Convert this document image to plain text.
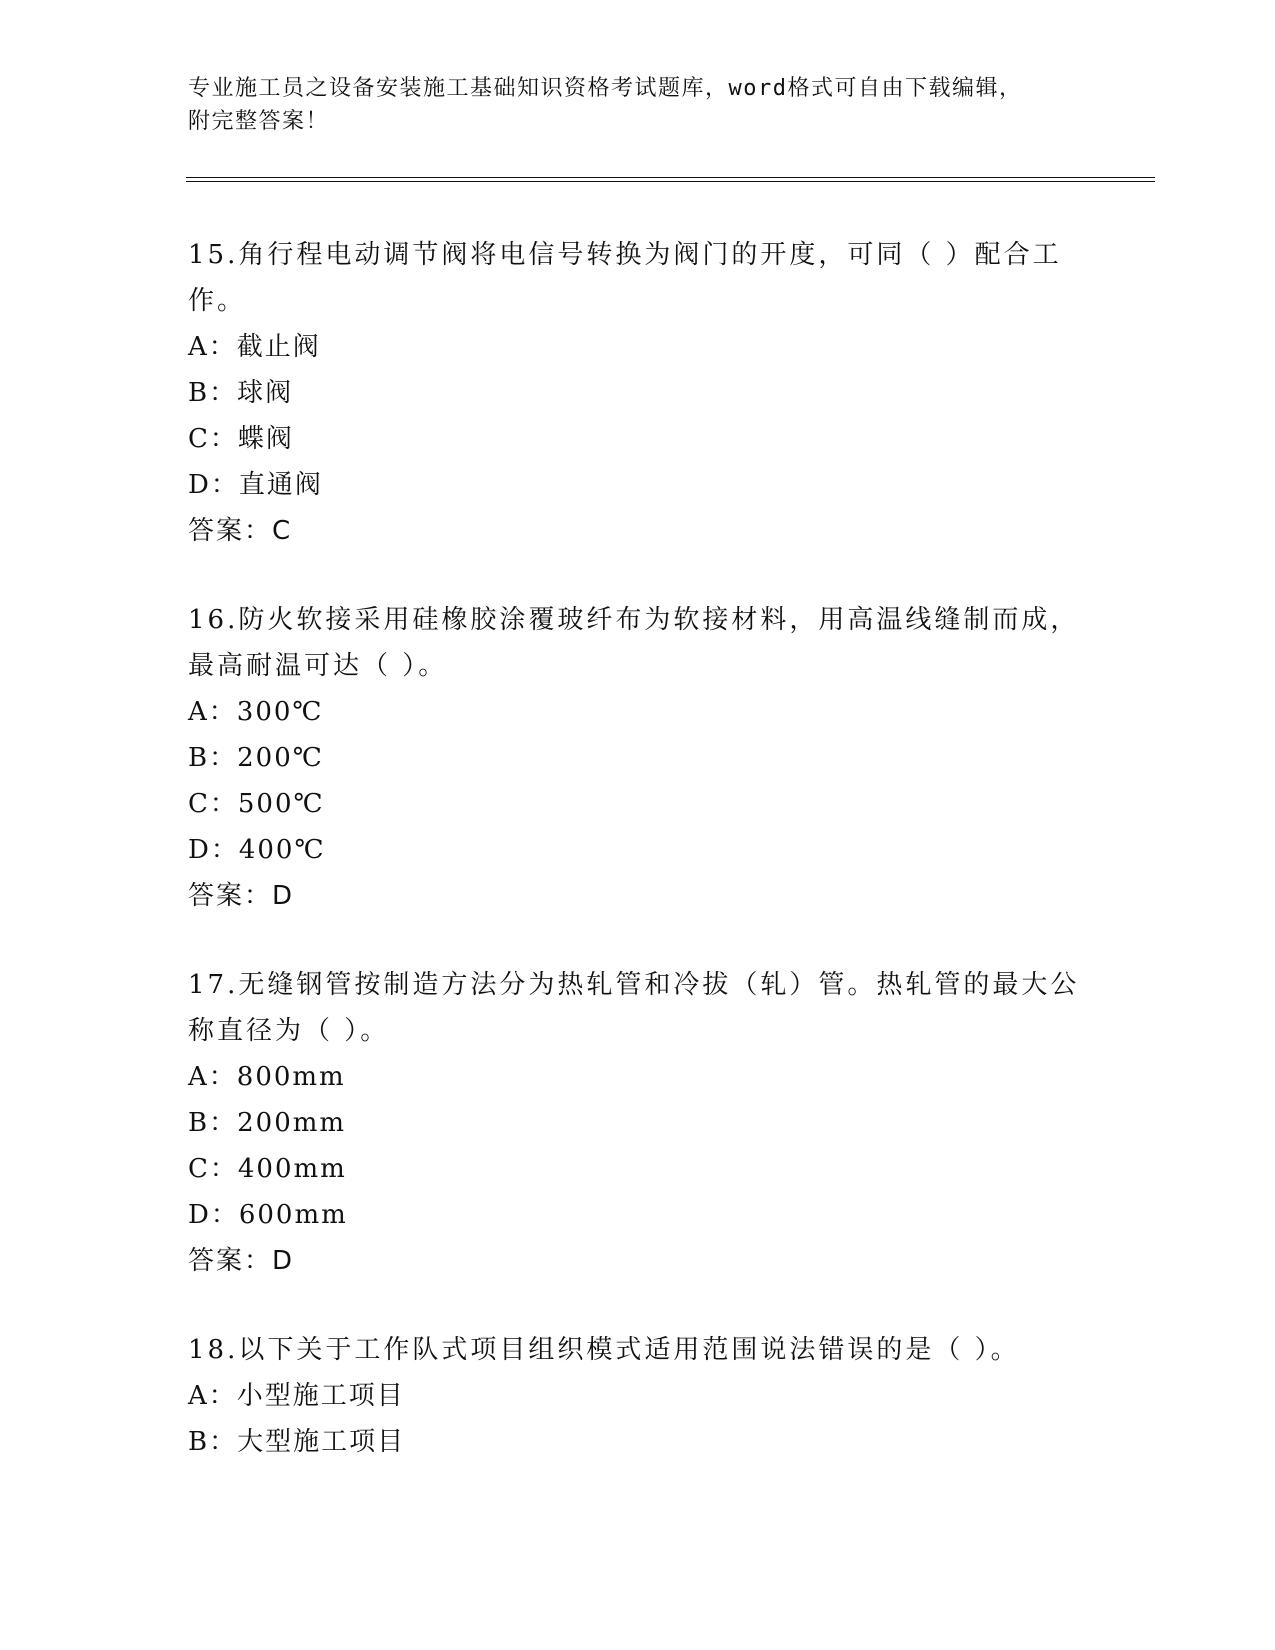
专业施工员之设备安装施工基础知识资格考试题库，word格式可自由下载编辑，
附完整答案！

15.角行程电动调节阀将电信号转换为阀门的开度，可同（ ）配合工

作。

A：截止阀

B：球阀

C：蝶阀

D：直通阀

答案：C

16.防火软接采用硅橡胶涂覆玻纤布为软接材料，用高温线缝制而成，

最高耐温可达（ ）。

A：300℃

B：200℃

C：500℃

D：400℃

答案：D

17.无缝钢管按制造方法分为热轧管和冷拔（轧）管。热轧管的最大公

称直径为（ ）。

A：800mm

B：200mm

C：400mm

D：600mm

答案：D

18.以下关于工作队式项目组织模式适用范围说法错误的是（ ）。

A：小型施工项目

B：大型施工项目
